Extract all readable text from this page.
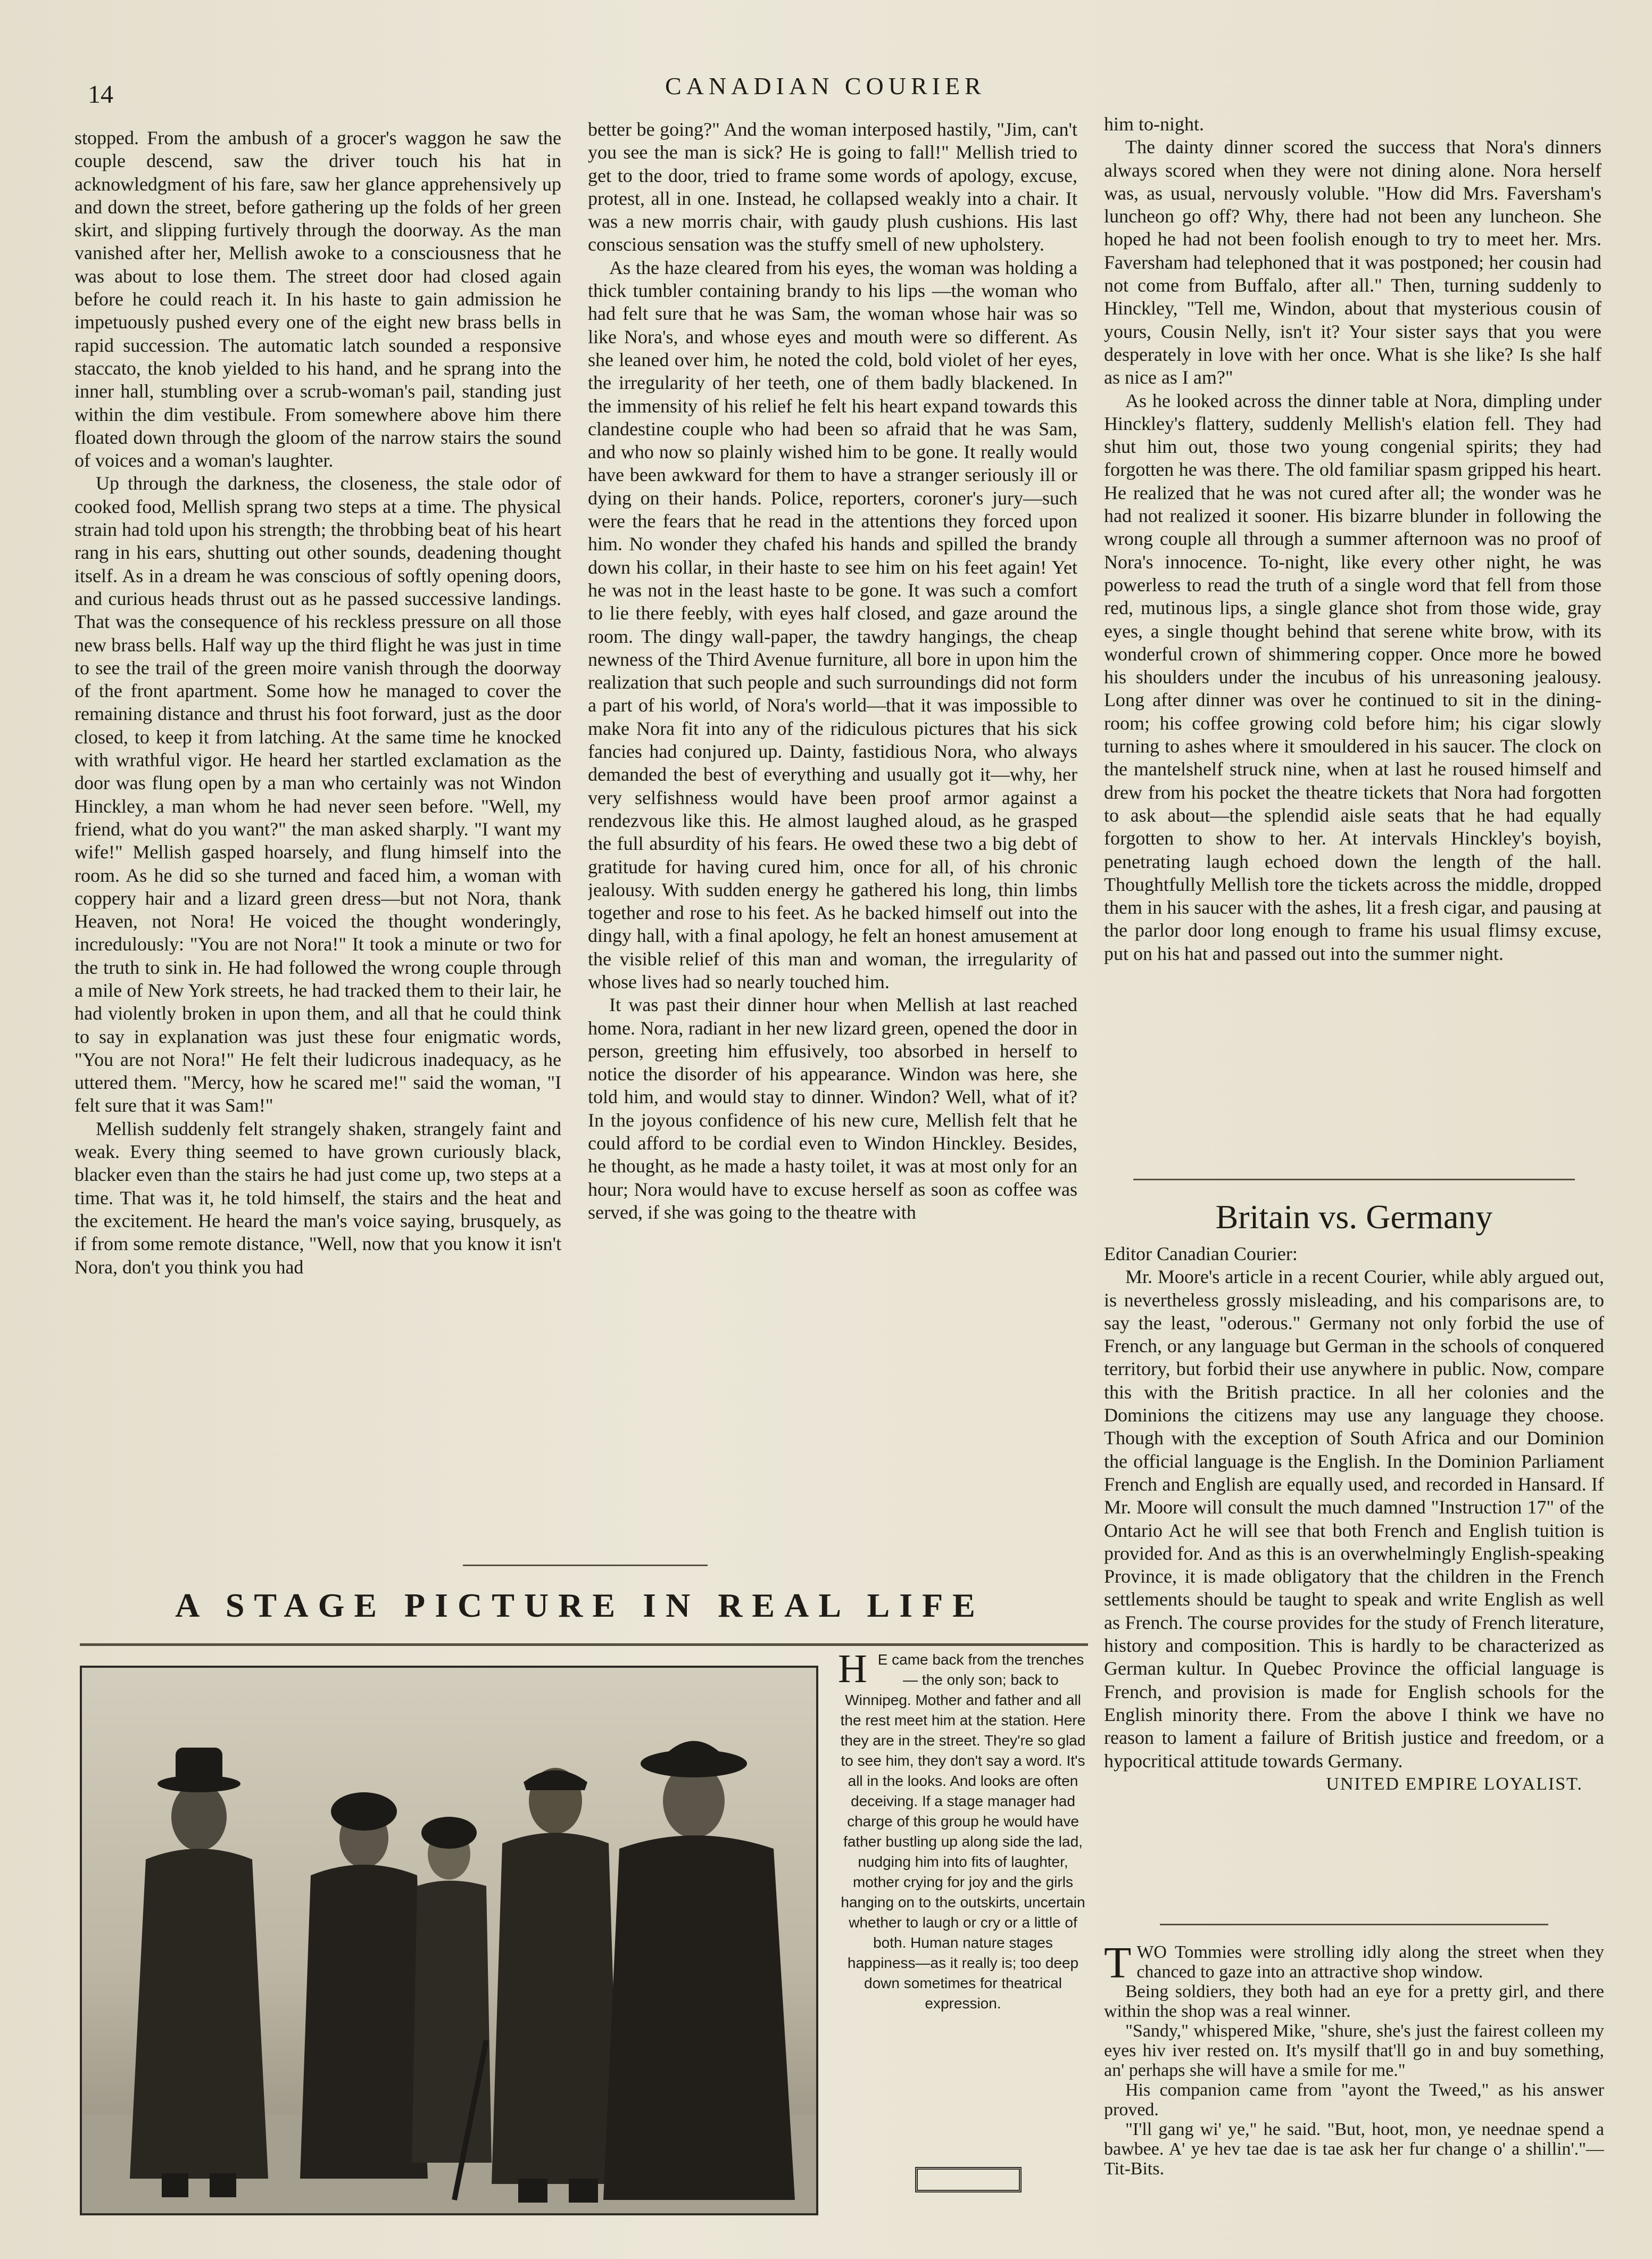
14	CANADIAN COURIER

stopped. From the ambush of a grocer's waggon he saw the couple descend, saw the driver touch his hat in acknowledgment of his fare, saw her glance apprehensively up and down the street, before gathering up the folds of her green skirt, and slipping furtively through the doorway. As the man vanished after her, Mellish awoke to a consciousness that he was about to lose them. The street door had closed again before he could reach it. In his haste to gain admission he impetuously pushed every one of the eight new brass bells in rapid succession. The automatic latch sounded a responsive staccato, the knob yielded to his hand, and he sprang into the inner hall, stumbling over a scrub-woman's pail, standing just within the dim vestibule. From somewhere above him there floated down through the gloom of the narrow stairs the sound of voices and a woman's laughter.

Up through the darkness, the closeness, the stale odor of cooked food, Mellish sprang two steps at a time. The physical strain had told upon his strength; the throbbing beat of his heart rang in his ears, shutting out other sounds, deadening thought itself. As in a dream he was conscious of softly opening doors, and curious heads thrust out as he passed successive landings. That was the consequence of his reckless pressure on all those new brass bells. Half way up the third flight he was just in time to see the trail of the green moire vanish through the doorway of the front apartment. Some how he managed to cover the remaining distance and thrust his foot forward, just as the door closed, to keep it from latching. At the same time he knocked with wrathful vigor. He heard her startled exclamation as the door was flung open by a man who certainly was not Windon Hinckley, a man whom he had never seen before. "Well, my friend, what do you want?" the man asked sharply. "I want my wife!" Mellish gasped hoarsely, and flung himself into the room. As he did so she turned and faced him, a woman with coppery hair and a lizard green dress—but not Nora, thank Heaven, not Nora! He voiced the thought wonderingly, incredulously: "You are not Nora!" It took a minute or two for the truth to sink in. He had followed the wrong couple through a mile of New York streets, he had tracked them to their lair, he had violently broken in upon them, and all that he could think to say in explanation was just these four enigmatic words, "You are not Nora!" He felt their ludicrous inadequacy, as he uttered them. "Mercy, how he scared me!" said the woman, "I felt sure that it was Sam!"

Mellish suddenly felt strangely shaken, strangely faint and weak. Every thing seemed to have grown curiously black, blacker even than the stairs he had just come up, two steps at a time. That was it, he told himself, the stairs and the heat and the excitement. He heard the man's voice saying, brusquely, as if from some remote distance, "Well, now that you know it isn't Nora, don't you think you had

better be going?" And the woman interposed hastily, "Jim, can't you see the man is sick? He is going to fall!" Mellish tried to get to the door, tried to frame some words of apology, excuse, protest, all in one. Instead, he collapsed weakly into a chair. It was a new morris chair, with gaudy plush cushions. His last conscious sensation was the stuffy smell of new upholstery.

As the haze cleared from his eyes, the woman was holding a thick tumbler containing brandy to his lips —the woman who had felt sure that he was Sam, the woman whose hair was so like Nora's, and whose eyes and mouth were so different. As she leaned over him, he noted the cold, bold violet of her eyes, the irregularity of her teeth, one of them badly blackened. In the immensity of his relief he felt his heart expand towards this clandestine couple who had been so afraid that he was Sam, and who now so plainly wished him to be gone. It really would have been awkward for them to have a stranger seriously ill or dying on their hands. Police, reporters, coroner's jury—such were the fears that he read in the attentions they forced upon him. No wonder they chafed his hands and spilled the brandy down his collar, in their haste to see him on his feet again! Yet he was not in the least haste to be gone. It was such a comfort to lie there feebly, with eyes half closed, and gaze around the room. The dingy wall-paper, the tawdry hangings, the cheap newness of the Third Avenue furniture, all bore in upon him the realization that such people and such surroundings did not form a part of his world, of Nora's world—that it was impossible to make Nora fit into any of the ridiculous pictures that his sick fancies had conjured up. Dainty, fastidious Nora, who always demanded the best of everything and usually got it—why, her very selfishness would have been proof armor against a rendezvous like this. He almost laughed aloud, as he grasped the full absurdity of his fears. He owed these two a big debt of gratitude for having cured him, once for all, of his chronic jealousy. With sudden energy he gathered his long, thin limbs together and rose to his feet. As he backed himself out into the dingy hall, with a final apology, he felt an honest amusement at the visible relief of this man and woman, the irregularity of whose lives had so nearly touched him.

It was past their dinner hour when Mellish at last reached home. Nora, radiant in her new lizard green, opened the door in person, greeting him effusively, too absorbed in herself to notice the disorder of his appearance. Windon was here, she told him, and would stay to dinner. Windon? Well, what of it? In the joyous confidence of his new cure, Mellish felt that he could afford to be cordial even to Windon Hinckley. Besides, he thought, as he made a hasty toilet, it was at most only for an hour; Nora would have to excuse herself as soon as coffee was served, if she was going to the theatre with

him to-night.

The dainty dinner scored the success that Nora's dinners always scored when they were not dining alone. Nora herself was, as usual, nervously voluble. "How did Mrs. Faversham's luncheon go off? Why, there had not been any luncheon. She hoped he had not been foolish enough to try to meet her. Mrs. Faversham had telephoned that it was postponed; her cousin had not come from Buffalo, after all." Then, turning suddenly to Hinckley, "Tell me, Windon, about that mysterious cousin of yours, Cousin Nelly, isn't it? Your sister says that you were desperately in love with her once. What is she like? Is she half as nice as I am?"

As he looked across the dinner table at Nora, dimpling under Hinckley's flattery, suddenly Mellish's elation fell. They had shut him out, those two young congenial spirits; they had forgotten he was there. The old familiar spasm gripped his heart. He realized that he was not cured after all; the wonder was he had not realized it sooner. His bizarre blunder in following the wrong couple all through a summer afternoon was no proof of Nora's innocence. To-night, like every other night, he was powerless to read the truth of a single word that fell from those red, mutinous lips, a single glance shot from those wide, gray eyes, a single thought behind that serene white brow, with its wonderful crown of shimmering copper. Once more he bowed his shoulders under the incubus of his unreasoning jealousy. Long after dinner was over he continued to sit in the dining-room; his coffee growing cold before him; his cigar slowly turning to ashes where it smouldered in his saucer. The clock on the mantelshelf struck nine, when at last he roused himself and drew from his pocket the theatre tickets that Nora had forgotten to ask about—the splendid aisle seats that he had equally forgotten to show to her. At intervals Hinckley's boyish, penetrating laugh echoed down the length of the hall. Thoughtfully Mellish tore the tickets across the middle, dropped them in his saucer with the ashes, lit a fresh cigar, and pausing at the parlor door long enough to frame his usual flimsy excuse, put on his hat and passed out into the summer night.

Britain vs. Germany

Editor Canadian Courier:

Mr. Moore's article in a recent Courier, while ably argued out, is nevertheless grossly misleading, and his comparisons are, to say the least, "oderous." Germany not only forbid the use of French, or any language but German in the schools of conquered territory, but forbid their use anywhere in public. Now, compare this with the British practice. In all her colonies and the Dominions the citizens may use any language they choose. Though with the exception of South Africa and our Dominion the official language is the English. In the Dominion Parliament French and English are equally used, and recorded in Hansard. If Mr. Moore will consult the much damned "Instruction 17" of the Ontario Act he will see that both French and English tuition is provided for. And as this is an overwhelmingly English-speaking Province, it is made obligatory that the children in the French settlements should be taught to speak and write English as well as French. The course provides for the study of French literature, history and composition. This is hardly to be characterized as German kultur. In Quebec Province the official language is French, and provision is made for English schools for the English minority there. From the above I think we have no reason to lament a failure of British justice and freedom, or a hypocritical attitude towards Germany.

UNITED EMPIRE LOYALIST.

TWO Tommies were strolling idly along the street when they chanced to gaze into an attractive shop window.

Being soldiers, they both had an eye for a pretty girl, and there within the shop was a real winner.

"Sandy," whispered Mike, "shure, she's just the fairest colleen my eyes hiv iver rested on. It's mysilf that'll go in and buy something, an' perhaps she will have a smile for me."

His companion came from "ayont the Tweed," as his answer proved.

"I'll gang wi' ye," he said. "But, hoot, mon, ye neednae spend a bawbee. A' ye hev tae dae is tae ask her fur change o' a shillin'."—Tit-Bits.

A STAGE PICTURE IN REAL LIFE
H E came back from the trenches — the only son; back to Winnipeg. Mother and father and all the rest meet him at the station. Here they are in the street. They're so glad to see him, they don't say a word. It's all in the looks. And looks are often deceiving. If a stage manager had charge of this group he would have father bustling up along side the lad, nudging him into fits of laughter, mother crying for joy and the girls hanging on to the outskirts, uncertain whether to laugh or cry or a little of both. Human nature stages happiness—as it really is; too deep down sometimes for theatrical expression.
